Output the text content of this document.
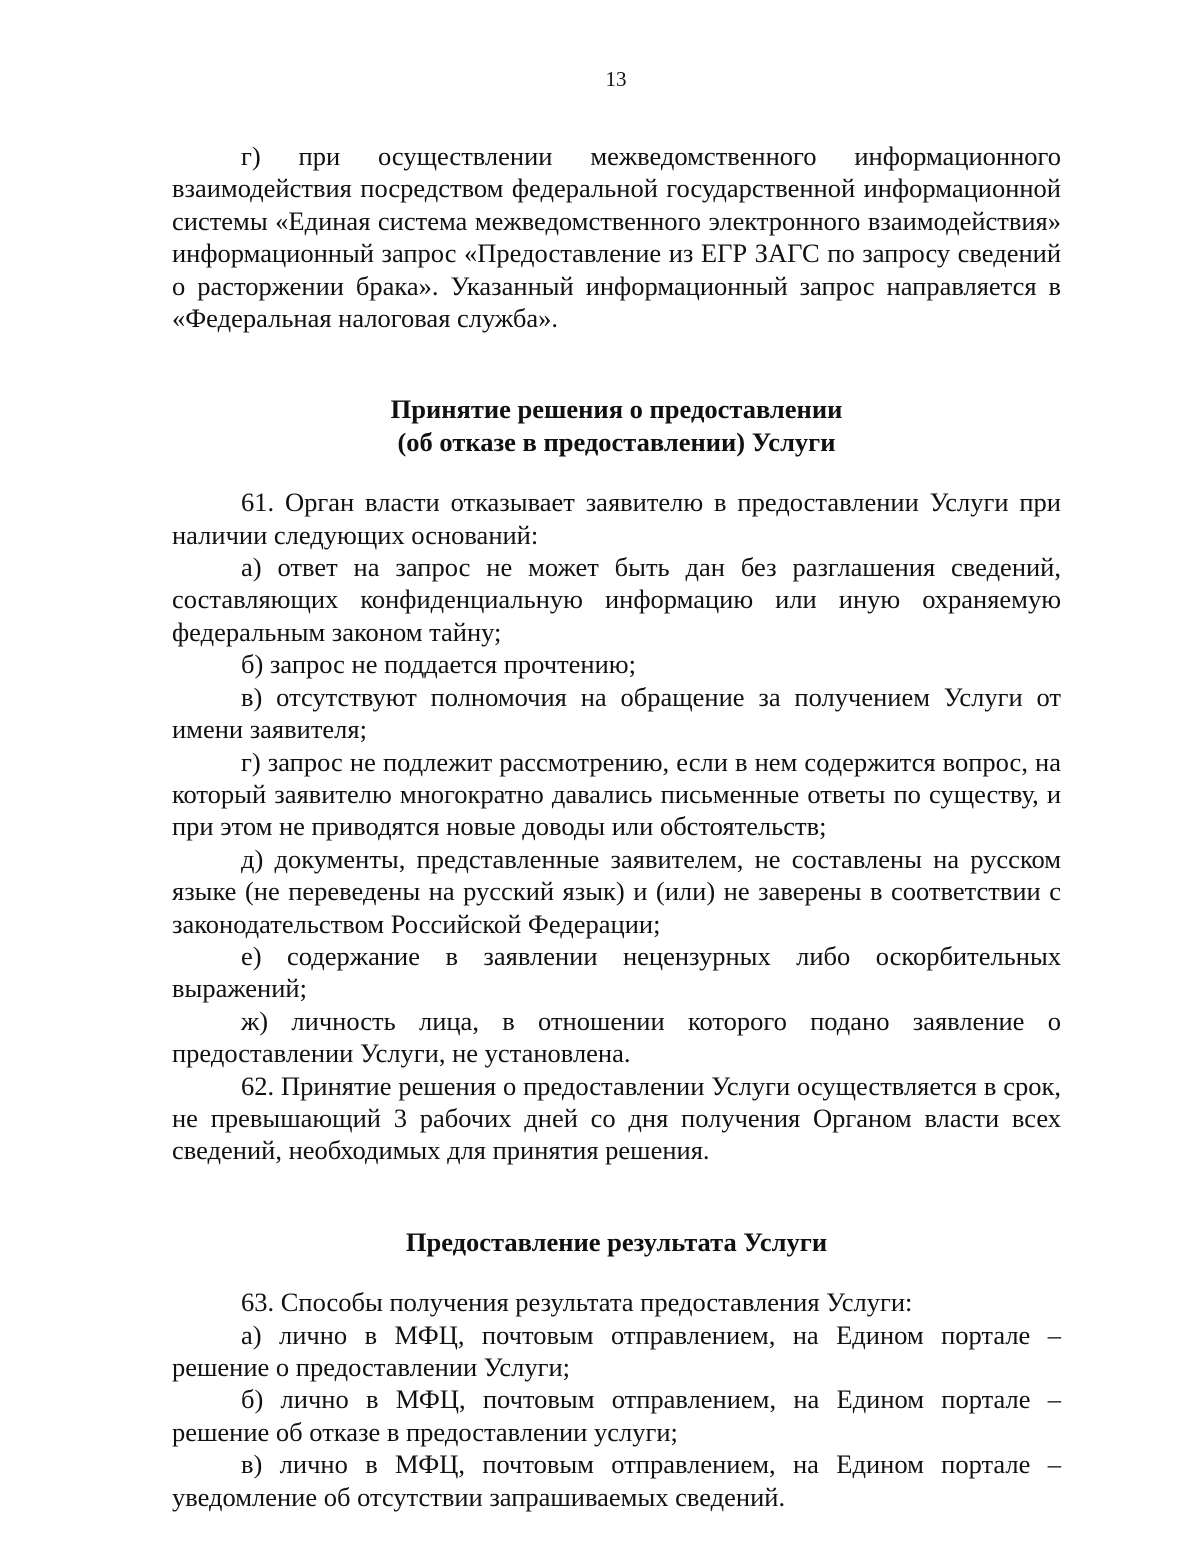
13

г) при осуществлении межведомственного информационного взаимодействия посредством федеральной государственной информационной системы «Единая система межведомственного электронного взаимодействия» информационный запрос «Предоставление из ЕГР ЗАГС по запросу сведений о расторжении брака». Указанный информационный запрос направляется в «Федеральная налоговая служба».

Принятие решения о предоставлении
(об отказе в предоставлении) Услуги

61. Орган власти отказывает заявителю в предоставлении Услуги при наличии следующих оснований:

а) ответ на запрос не может быть дан без разглашения сведений, составляющих конфиденциальную информацию или иную охраняемую федеральным законом тайну;

б) запрос не поддается прочтению;

в) отсутствуют полномочия на обращение за получением Услуги от имени заявителя;

г) запрос не подлежит рассмотрению, если в нем содержится вопрос, на который заявителю многократно давались письменные ответы по существу, и при этом не приводятся новые доводы или обстоятельств;

д) документы, представленные заявителем, не составлены на русском языке (не переведены на русский язык) и (или) не заверены в соответствии с законодательством Российской Федерации;

е) содержание в заявлении нецензурных либо оскорбительных выражений;

ж) личность лица, в отношении которого подано заявление о предоставлении Услуги, не установлена.

62. Принятие решения о предоставлении Услуги осуществляется в срок, не превышающий 3 рабочих дней со дня получения Органом власти всех сведений, необходимых для принятия решения.

Предоставление результата Услуги

63. Способы получения результата предоставления Услуги:

а) лично в МФЦ, почтовым отправлением, на Едином портале – решение о предоставлении Услуги;

б) лично в МФЦ, почтовым отправлением, на Едином портале – решение об отказе в предоставлении услуги;

в) лично в МФЦ, почтовым отправлением, на Едином портале – уведомление об отсутствии запрашиваемых сведений.
